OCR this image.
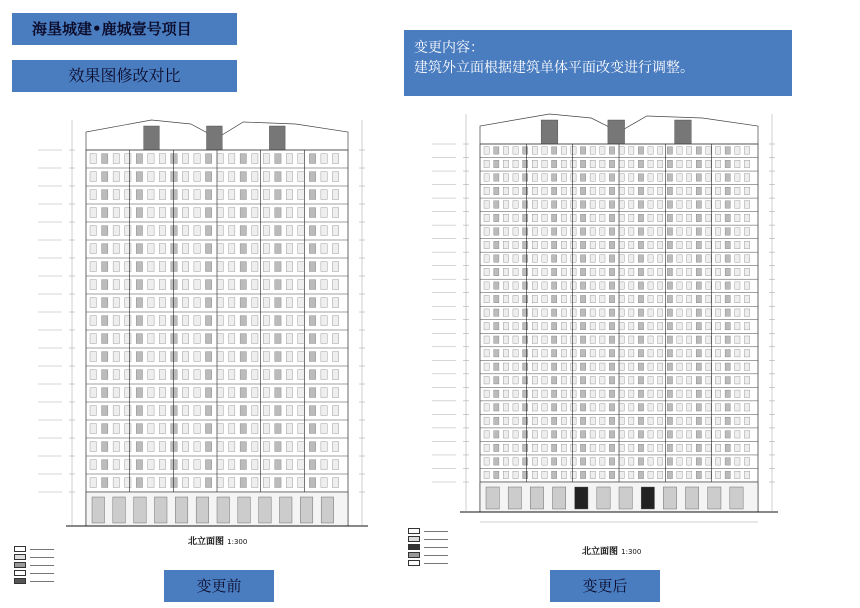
海垦城建•鹿城壹号项目
效果图修改对比
变更内容：
建筑外立面根据建筑单体平面改变进行调整。
北立面图 1:300
北立面图 1:300
变更前	变更后
